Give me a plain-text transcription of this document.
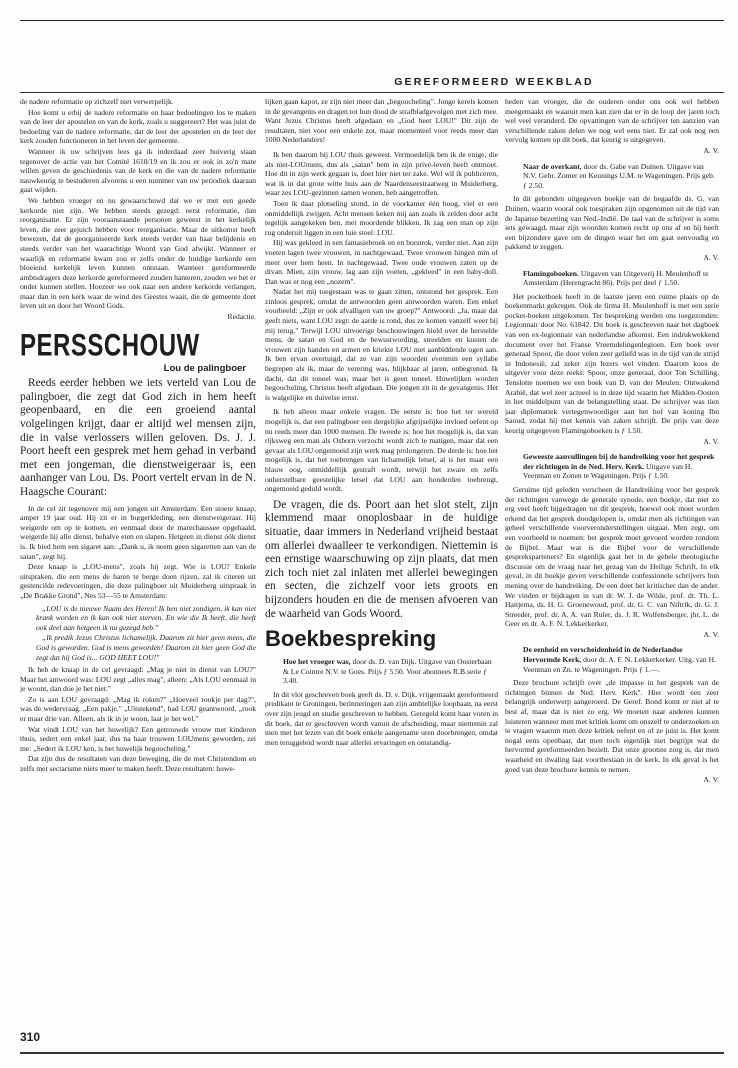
GEREFORMEERD WEEKBLAD

de nadere reformatie op zichzelf niet verwerpelijk.

Hoe komt u erbij de nadere reformatie en haar bedoelingen los te maken van de leer der apostelen en van de kerk, zoals u suggereert? Het was juist de bedoeling van de nadere reformatie, dat de leer der apostelen en de leer der kerk zouden functioneren in het leven der gemeente.

Wanneer ik uw schrijven lees ga ik inderdaad zeer huiverig staan tegenover de actie van het Comité 1618/19 en ik zou er ook in zo'n mate willen geven de geschiedenis van de kerk en die van de nadere reformatie nauwkeurig te bestuderen alvorens u een nummer van uw periodiek daaraan gaat wijden.

We hebben vroeger en nu gewaarschuwd dat we er met een goede kerkorde niet zijn. We hebben steeds gezegd: eerst reformatie, dan reorganisatie. Er zijn vooraanstaande personen geweest in het kerkelijk leven, die zeer gejuich hebben voor reorganisatie. Maar de uitkomst heeft bewezen, dat de georganiseerde kerk steeds verder van haar belijdenis en steeds verder van het waarachtige Woord van God afwijkt. Wanneer er waarlijk en reformatie kwam zou er zelfs onder de huidige kerkorde een bloeiend kerkelijk leven kunnen ontstaan. Wanneer gereformeerde ambtsdragers deze kerkorde gereformeerd zouden hanteren, zouden we het er onder kunnen stellen. Hoezeer we ook naar een andere kerkorde verlangen, maar dan in een kerk waar de wind des Geestes waait, die de gemeente doet leven uit en door het Woord Gods.

Redactie.

PERSSCHOUW
Lou de palingboer

Reeds eerder hebben we iets verteld van Lou de palingboer, die zegt dat God zich in hem heeft geopenbaard, en die een groeiend aantal volgelingen krijgt, daar er altijd wel mensen zijn, die in valse verlossers willen geloven. Ds. J. J. Poort heeft een gesprek met hem gehad in verband met een jongeman, die dienstweigeraar is, een aanhanger van Lou. Ds. Poort vertelt ervan in de N. Haagsche Courant:

In de cel zit tegenover mij een jongen uit Amsterdam. Een stoere knaap, amper 19 jaar oud. Hij zit er in burgerkleding, een dienstweigeraar. Hij weigerde om op te komen, en eenmaal door de marechaussee opgehaald, weigerde hij alle dienst, behalve eten en slapen. Hetgeen in dienst óók dienst is. Ik bied hem een sigaret aan: „Dank u, ik neem geen sigaretten aan van de satan", zegt hij.

Deze knaap is „LOU-mens", zoals hij zegt. Wie is LOU? Enkele uitspraken, die een mens de haren te berge doen rijzen, zal ik citeren uit gestencilde redevoeringen, die deze palingboer uit Muiderberg uitspraak in „De Brakke Grond", Nes 53—55 te Amsterdam:

„LOU is de nieuwe Naam des Heren! Ik ben niet zondigen, ik kan niet krank worden en ik kan ook niet sterven. En wie die Ik heeft, die heeft ook deel aan hetgeen ik nu gezegd heb."

„Ik predik Jezus Christus lichamelijk. Daarom zit hier geen mens, die God is geworden. God is mens geworden! Daarom zit hier geen God die zegt dat hij God is... GOD HEET LOU!"

Ik heb de knaap in de cel gevraagd: „Mag je niet in dienst van LOU?" Maar het antwoord was: LOU zegt „alles mag", alleen: „Als LOU eenmaal in je woont, dan doe je het niet."

Zo is aan LOU gevraagd: „Mag ik roken?" „Hoeveel rookje per dag?", was de wedervraag. „Een pakje." „Uitstekend", had LOU geantwoord, „rook er maar drie van. Alleen, als ik in je woon, laat je het wel."

Wat vindt LOU van het huwelijk? Een getrouwde vrouw met kinderen thuis, sedert een enkel jaar, dus na haar trouwen LOUmens geworden, zei me: „Sedert ik LOU ken, is het huwelijk begoocheling."

Dat zijn dus de resultaten van deze beweging, die de met Christendom en zelfs met sectarisme niets meer te maken heeft. Deze resultaten: huwe-

lijken gaan kapot, ze zijn niet meer dan „begoocheling". Jonge kerels komen in de gevangenis en dragen tot hun dood de strafbladgevolgen met zich mee. Want Jezus Christus heeft afgedaan en „God heet LOU!" Dit zijn de resultaten, niet voor een enkele zot, maar momenteel voor reeds meer dan 1000 Nederlanders!

Ik ben daarom bij LOU thuis geweest. Vermoedelijk ben ik de enige, die als niet-LOUmens, dus als „satan" hem in zijn privé-leven heeft ontmoet. Hoe dit in zijn werk gegaan is, doet hier niet ter zake. Wel wil ik publiceren, wat ik in dat grote witte huis aan de Naardenseestraatweg in Muiderberg, waar zes LOU-gezinnen samen wonen, heb aangetroffen.

Toen ik daar plotseling stond, in de voorkamer één hoog, viel er een onmiddellijk zwijgen. Acht mensen keken mij aan zoals ik zelden door acht tegelijk aangekeken ben, met moordende blikken. Ik zag een man op zijn rug onderuit liggen in een luie stoel: LOU.

Hij was gekleed in een fantasiebroek en en borstrok, verder niet. Aan zijn voeten lagen twee vrouwen, in nachtgewaad. Twee vrouwen hingen min of meer over hem heen. In nachtgewaad. Twee oude vrouwen zaten op de divan. Mien, zijn vrouw, lag aan zijn voeten, „gekleed" in een baby-doll. Dan was er nog een „nozem".

Nadat het mij toegestaan was te gaan zitten, ontstond het gesprek. Een zinloos gesprek, omdat de antwoorden geen antwoorden waren. Een enkel voorbeeld: „Zijn er ook afvalligen van uw groep?" Antwoord: „Ja, maar dat geeft niets, want LOU zegt: de aarde is rond, dus ze komen vanzelf weer bij mij terug." Terwijl LOU uitvoerige beschouwingen hield over de herstelde mens, de satan en God en de bewustwording, streelden en kusten de vrouwen zijn handen en armen en kriekte LOU met aanbiddende ogen aan. Ik ben ervan overtuigd, dat ze van zijn woorden evenmin een syllabe begrepen als ik, maar de verering was, blijkbaar al jaren, onbegrensd. Ik dacht, dat dit toneel was, maar het is geen toneel. Huwelijken worden begoocheling, Christus heeft afgedaan. Die jongen zit in de gevangenis. Het is walgelijke en duivelse ernst.

Ik heb alleen maar enkele vragen. De eerste is: hoe het ter wereld mogelijk is, dat een palingboer een dergelijke afgrijselijke invloed oefent op nu reeds meer dan 1000 mensen. De tweede is: hoe het mogelijk is, dat van rijksweg een man als Osborn verzocht wordt zich te matigen, maar dat een gevaar als LOU ongemoeid zijn werk mag prolongeren. De derde is: hoe het mogelijk is, dat het toebrengen van lichamelijk letsel, al is het maar een blauw oog, onmiddellijk gestraft wordt, terwijl het zware en zelfs onherstelbare geestelijke letsel dat LOU aan honderden toebrengt, ongemoeid geduld wordt.

De vragen, die ds. Poort aan het slot stelt, zijn klemmend maar onoplosbaar in de huidige situatie, daar immers in Nederland vrijheid bestaat om allerlei dwaalleer te verkondigen. Niettemin is een ernstige waarschuwing op zijn plaats, dat men zich toch niet zal inlaten met allerlei bewegingen en secten, die zichzelf voor iets groots en bijzonders houden en die de mensen afvoeren van de waarheid van Gods Woord.

Boekbespreking
Hoe het vroeger was, door ds. D. van Dijk. Uitgave van Oosterbaan & Le Cointre N.V. te Goes. Prijs ƒ 5.50. Voor abonnees R.B.serie ƒ 3.40.

In dit vlot geschreven boek geeft ds. D. v. Dijk, vrijgemaakt gereformeerd predikant te Groningen, herinneringen aan zijn ambtelijke loopbaan, na eerst over zijn jeugd en studie geschreven te hebben. Geregeld komt haar voren in dit boek, dat er geschreven wordt vanuit de afscheiding, maar niettemin zal men met het lezen van dit boek enkele aangename uren doorbrengen, omdat men teruggeleid wordt naar allerlei ervaringen en omstandig-

heden van vroeger, die de ouderen onder ons ook wel hebben meegemaakt en waaruit men kan zien dat er in de loop der jaren toch wel veel veranderd. De opvattingen van de schrijver ten aanzien van verschillende zaken delen we nog wel eens niet. Er zal ook nog een vervolg komen op dit boek, dat keurig is uitgegeven.

A. V.

Naar de overkant, door ds. Gabe van Duinen. Uitgave van N.V. Gebr. Zomer en Keunings U.M. te Wageningen. Prijs geb. ƒ 2.50.

In dit gebonden uitgegeven boekje van de begaafde ds. G. van Duinen, waarin vooral ook toespraken zijn opgenomen uit de tijd van de Japanse bezetting van Ned.-Indië. De taal van de schrijver is soms iets gewaagd, maar zijn woorden komen recht op ons af en hij heeft een bijzondere gave om de dingen waar het om gaat eenvoudig en pakkend te zeggen.

A. V.

Flamingoboeken. Uitgaven van Uitgeverij H. Meulenhoff te Amsterdam (Herengracht 86). Prijs per deel ƒ 1.50.

Het pocketboek heeft in de laatste jaren een ruime plaats op de boekenmarkt gekregen. Ook de firma H. Meulenhoff is met een serie pocket-boeken uitgekomen. Ter bespreking werden ons toegezonden: Legionnair door No. 61842. Dit boek is geschreven naar het dagboek van een ex-legionnair van nederlandse afkomst. Een indrukwekkend document over het Franse Vreemdelingenlegioen. Een boek over generaal Spoor, die door velen zeer geliefd was in de tijd van de strijd in Indonesië, zal zeker zijn lezers wel vinden. Daarom koos de uitgever voor deze reeks: Spoor, onze generaal, door Ton Schilling. Tenslotte noemen we een boek van D. van der Meulen: Ontwakend Arabië, dat wel zeer actueel is in deze tijd waarin het Midden-Oosten in het middelpunt van de belangstelling staat. De schrijver was tien jaar diplomatiek vertegenwoordiger aan het hof van koning Ibn Saoud, zodat hij met kennis van zaken schrijft. De prijs van deze keurig uitgegeven Flamingoboeken is ƒ 1.50.

A. V.

Geweeste aanvullingen bij de handreiking voor het gesprek der richtingen in de Ned. Herv. Kerk. Uitgave van H. Veenman en Zonen te Wageningen. Prijs ƒ 1.50.

Geruime tijd geleden verscheen de Handreiking voor het gesprek der richtingen vanwege de generale synode, een boekje, dat niet zo erg veel heeft bijgedragen tot dit gesprek, hoewel ook moet worden erkend dat het gesprek doodgelopen is, omdat men als richtingen van geheel verschillende voorveronderstellingen uitgaat. Men zegt, om een voorbeeld te noemen: het gesprek moet gevoerd worden rondom de Bijbel. Maar wat is die Bijbel voor de verschillende gespreksparteners? En eigenlijk gaat het in de gehele theologische discussie om de vraag naar het gezag van de Heilige Schrift. In elk geval, in dit boekje geven verschillende confessionele schrijvers hun mening over de handreiking. De een doet het kritischer dan de ander. We vinden er bijdragen in van dr. W. J. de Wilde, prof. dr. Th. L. Haitjema, ds. H. G. Groenewoud, prof. dr. G. C. van Niftrik, dr. G. J. Streeder, prof. dr. A. A. van Ruler, ds. J. R. Wolfensberger, jhr. L. de Geer en dr. A. F. N. Lekkerkerker.

A. V.

De eenheid en verscheidenheid in de Nederlandse Hervormde Kerk, door dr. A. F. N. Lekkerkerker. Uitg. van H. Veenman en Zn. te Wageningen. Prijs ƒ 1.—.

Deze brochure schrijft over „de impasse in het gesprek van de richtingen binnen de Ned. Herv. Kerk". Hier wordt een zeer belangrijk onderwerp aangeroerd. De Geref. Bond komt er niet al te best af, maar dat is niet zo erg. We moeten naar anderen kunnen luisteren wanneer men met kritiek komt om onszelf te onderzoeken en te vragen waarom men deze kritiek oefent en of ze juist is. Het komt nogal eens openbaar, dat men toch eigenlijk niet begrijpt wat de hervormd gereformeerden bezielt. Dat onze grootste zorg is, dat men waarheid en dwaling laat voortbestaan in de kerk. In elk geval is het goed van deze brochure kennis te nemen.

A. V.

310
